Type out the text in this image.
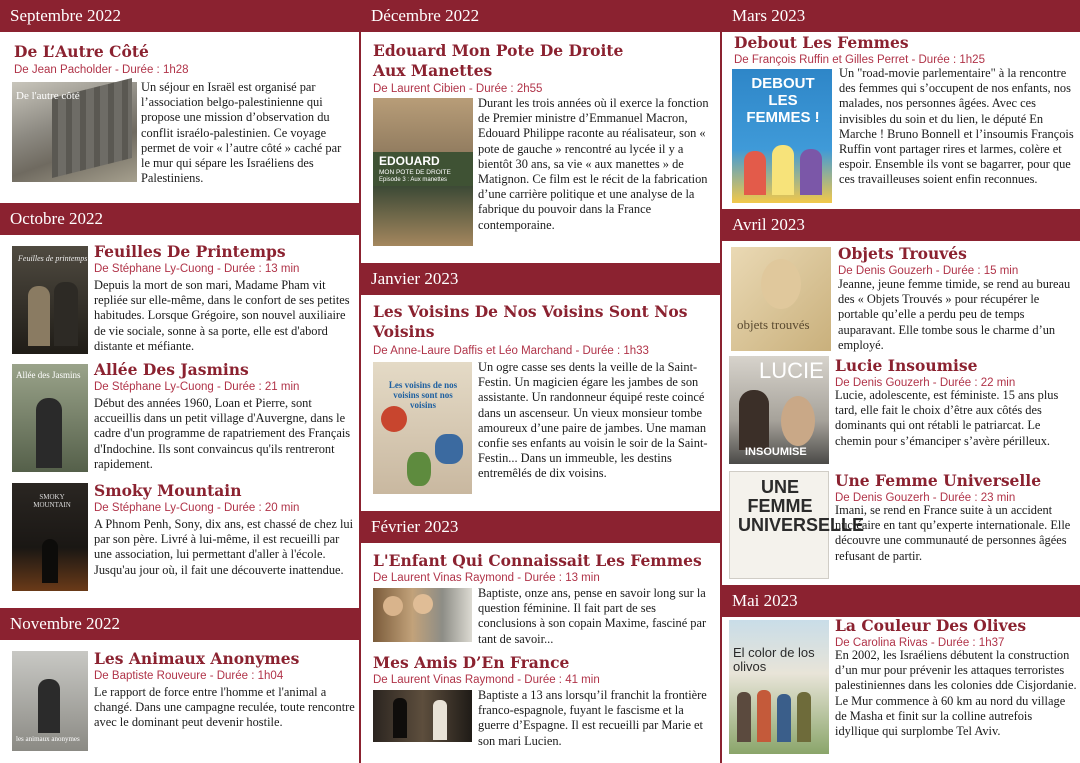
Septembre 2022
De L’Autre Côté
De Jean Pacholder - Durée : 1h28
De l'autre côté
Un séjour en Israël est organisé par l’association belgo-palestinienne qui propose une mission d’observation du conflit israélo-palestinien. Ce voyage permet de voir « l’autre côté » caché par le mur qui sépare les Israéliens des Palestiniens.
Octobre 2022
Feuilles De Printemps
De Stéphane Ly-Cuong - Durée : 13 min
Feuilles de printemps
Depuis la mort de son mari, Madame Pham vit repliée sur elle-même, dans le confort de ses petites habitudes. Lorsque Grégoire, son nouvel auxiliaire de vie sociale, sonne à sa porte, elle est d'abord distante et méfiante.
Allée Des Jasmins
De Stéphane Ly-Cuong - Durée : 21 min
Allée des Jasmins
Début des années 1960, Loan et Pierre, sont accueillis dans un petit village d'Auvergne, dans le cadre d'un programme de rapatriement des Français d'Indochine. Ils sont convaincus qu'ils rentreront rapidement.
Smoky Mountain
De Stéphane Ly-Cuong - Durée : 20 min
SMOKY MOUNTAIN
A Phnom Penh, Sony, dix ans, est chassé de chez lui par son père. Livré à lui-même, il est recueilli par une association, lui permettant d'aller à l'école. Jusqu'au jour où, il fait une découverte inattendue.
Novembre 2022
Les Animaux Anonymes
De Baptiste Rouveure - Durée : 1h04
les animaux anonymes
Le rapport de force entre l'homme et l'animal a changé. Dans une campagne reculée, toute rencontre avec le dominant peut devenir hostile.
Décembre 2022
Edouard Mon Pote De Droite Aux Manettes
De Laurent Cibien - Durée : 2h55
EDOUARD
MON POTE DE DROITE
Episode 3 : Aux manettes
Durant les trois années où il exerce la fonction de Premier ministre d’Emmanuel Macron, Edouard Philippe raconte au réalisateur, son « pote de gauche » rencontré au lycée il y a bientôt 30 ans, sa vie « aux manettes » de Matignon. Ce film est le récit de la fabrication d’une carrière politique et une analyse de la fabrique du pouvoir dans la France contemporaine.
Janvier 2023
Les Voisins De Nos Voisins Sont Nos Voisins
De Anne-Laure Daffis et Léo Marchand - Durée : 1h33
Les voisins de nos voisins sont nos voisins
Un ogre casse ses dents la veille de la Saint-Festin. Un magicien égare les jambes de son assistante. Un randonneur équipé reste coincé dans un ascenseur. Un vieux monsieur tombe amoureux d’une paire de jambes. Une maman confie ses enfants au voisin le soir de la Saint-Festin... Dans un immeuble, les destins entremêlés de dix voisins.
Février 2023
L'Enfant Qui Connaissait Les Femmes
De Laurent Vinas Raymond - Durée : 13 min
Baptiste, onze ans, pense en savoir long sur la question féminine. Il fait part de ses conclusions à son copain Maxime, fasciné par tant de savoir...
Mes Amis D’En France
De Laurent Vinas Raymond - Durée : 41 min
Baptiste a 13 ans lorsqu’il franchit la frontière franco-espagnole, fuyant le fascisme et la guerre d’Espagne. Il est recueilli par Marie et son mari Lucien.
Mars 2023
Debout Les Femmes
De François Ruffin et Gilles Perret - Durée : 1h25
DEBOUT LES FEMMES !
Un "road-movie parlementaire" à la rencontre des femmes qui s’occupent de nos enfants, nos malades, nos personnes âgées. Avec ces invisibles du soin et du lien, le député En Marche ! Bruno Bonnell et l’insoumis François Ruffin vont partager rires et larmes, colère et espoir. Ensemble ils vont se bagarrer, pour que ces travailleuses soient enfin reconnues.
Avril 2023
Objets Trouvés
De Denis Gouzerh - Durée : 15 min
objets trouvés
Jeanne, jeune femme timide, se rend au bureau des « Objets Trouvés » pour récupérer le portable qu’elle a perdu peu de temps auparavant. Elle tombe sous le charme d’un employé.
Lucie Insoumise
De Denis Gouzerh - Durée : 22 min
LUCIE
INSOUMISE
Lucie, adolescente, est féministe. 15 ans plus tard, elle fait le choix d’être aux côtés des dominants qui ont rétabli le patriarcat. Le chemin pour s’émanciper s’avère périlleux.
Une Femme Universelle
De Denis Gouzerh - Durée : 23 min
UNE FEMME UNIVERSELLE
Imani, se rend en France suite à un accident nucléaire en tant qu’experte internationale. Elle découvre une communauté de personnes âgées refusant de partir.
Mai 2023
La Couleur Des Olives
De Carolina Rivas - Durée : 1h37
El color de los olivos
En 2002, les Israéliens débutent la construction d’un mur pour prévenir les attaques terroristes palestiniennes dans les colonies dde Cisjordanie. Le Mur commence à 60 km au nord du village de Masha et finit sur la colline autrefois idyllique qui surplombe Tel Aviv.
